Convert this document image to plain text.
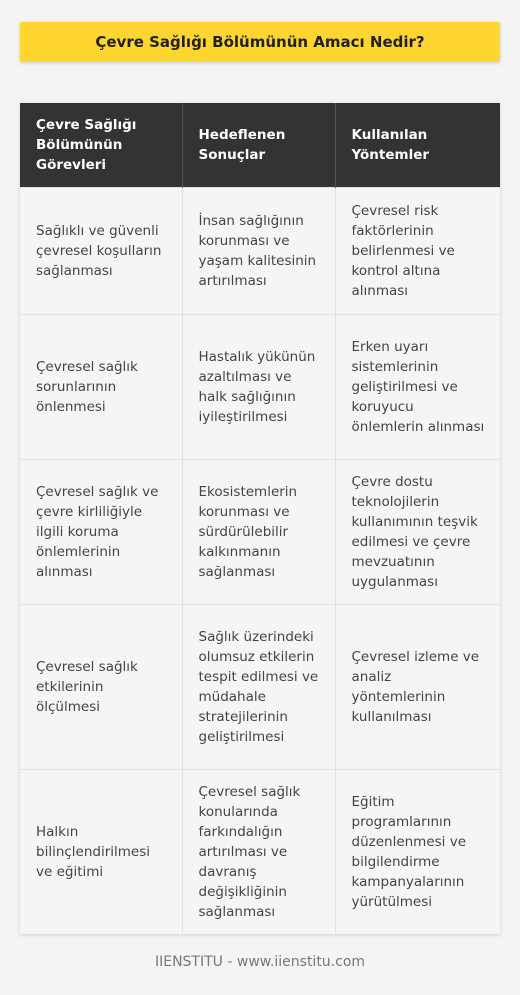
Çevre Sağlığı Bölümünün Amacı Nedir?
Çevre Sağlığı Bölümünün Görevleri	Hedeflenen Sonuçlar	Kullanılan Yöntemler
Sağlıklı ve güvenli çevresel koşulların sağlanması	İnsan sağlığının korunması ve yaşam kalitesinin artırılması	Çevresel risk faktörlerinin belirlenmesi ve kontrol altına alınması
Çevresel sağlık sorunlarının önlenmesi	Hastalık yükünün azaltılması ve halk sağlığının iyileştirilmesi	Erken uyarı sistemlerinin geliştirilmesi ve koruyucu önlemlerin alınması
Çevresel sağlık ve çevre kirliliğiyle ilgili koruma önlemlerinin alınması	Ekosistemlerin korunması ve sürdürülebilir kalkınmanın sağlanması	Çevre dostu teknolojilerin kullanımının teşvik edilmesi ve çevre mevzuatının uygulanması
Çevresel sağlık etkilerinin ölçülmesi	Sağlık üzerindeki olumsuz etkilerin tespit edilmesi ve müdahale stratejilerinin geliştirilmesi	Çevresel izleme ve analiz yöntemlerinin kullanılması
Halkın bilinçlendirilmesi ve eğitimi	Çevresel sağlık konularında farkındalığın artırılması ve davranış değişikliğinin sağlanması	Eğitim programlarının düzenlenmesi ve bilgilendirme kampanyalarının yürütülmesi
IIENSTITU - www.iienstitu.com
